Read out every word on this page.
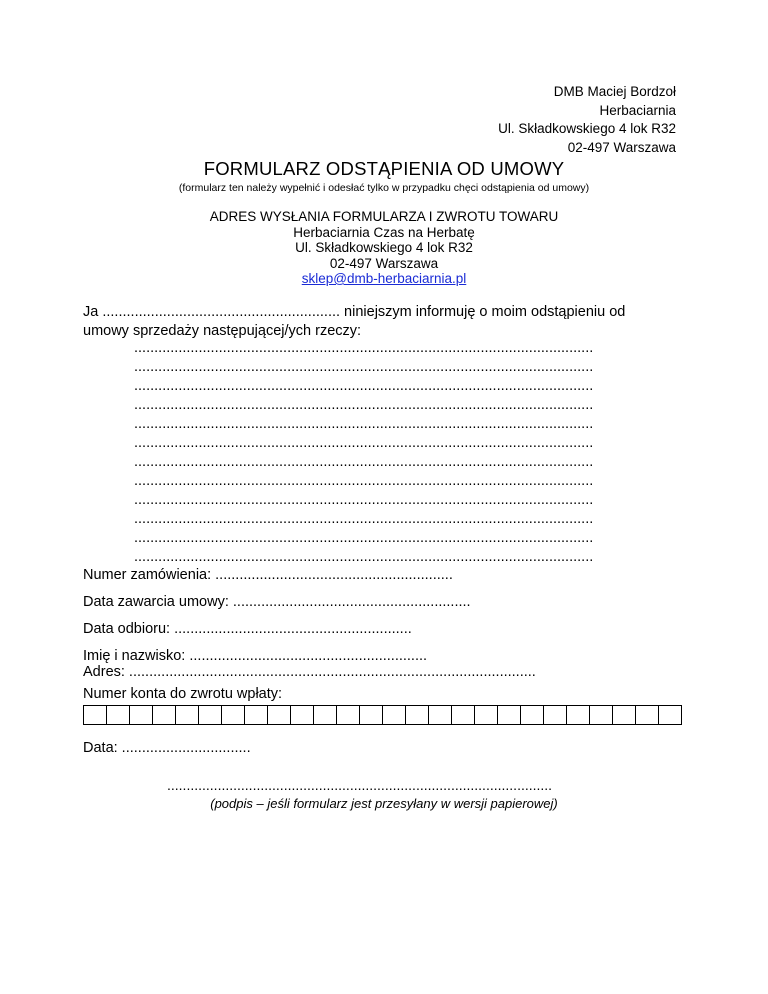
DMB Maciej Bordzoł
Herbaciarnia
Ul. Składkowskiego 4 lok R32
02-497 Warszawa
FORMULARZ ODSTĄPIENIA OD UMOWY
(formularz ten należy wypełnić i odesłać tylko w przypadku chęci odstąpienia od umowy)
ADRES WYSŁANIA FORMULARZA I ZWROTU TOWARU
Herbaciarnia Czas na Herbatę
Ul. Składkowskiego 4 lok R32
02-497 Warszawa
sklep@dmb-herbaciarnia.pl
Ja ........................................................... niniejszym informuję o moim odstąpieniu od
umowy sprzedaży następującej/ych rzeczy:
..................................................................................................................
..................................................................................................................
..................................................................................................................
..................................................................................................................
..................................................................................................................
..................................................................................................................
..................................................................................................................
..................................................................................................................
..................................................................................................................
..................................................................................................................
..................................................................................................................
..................................................................................................................
Numer zamówienia: ...........................................................
Data zawarcia umowy: ...........................................................
Data odbioru: ...........................................................
Imię i nazwisko: ...........................................................
Adres: .....................................................................................................
Numer konta do zwrotu wpłaty:
Data: ................................
...................................................................................................
(podpis – jeśli formularz jest przesyłany w wersji papierowej)
